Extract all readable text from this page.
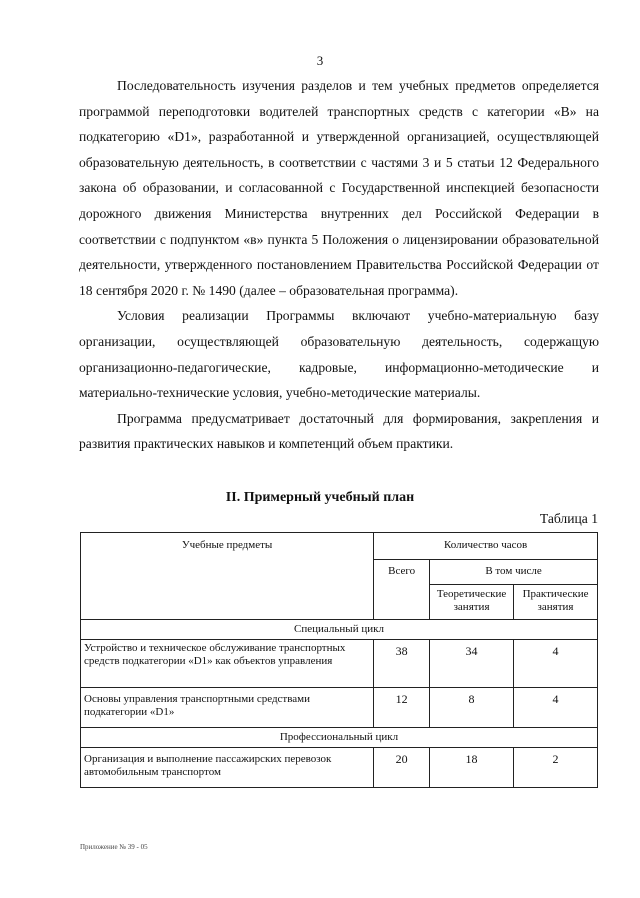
3

Последовательность изучения разделов и тем учебных предметов определяется программой переподготовки водителей транспортных средств с категории «B» на подкатегорию «D1», разработанной и утвержденной организацией, осуществляющей образовательную деятельность, в соответствии с частями 3 и 5 статьи 12 Федерального закона об образовании, и согласованной с Государственной инспекцией безопасности дорожного движения Министерства внутренних дел Российской Федерации в соответствии с подпунктом «в» пункта 5 Положения о лицензировании образовательной деятельности, утвержденного постановлением Правительства Российской Федерации от 18 сентября 2020 г. № 1490 (далее – образовательная программа).

Условия реализации Программы включают учебно-материальную базу организации, осуществляющей образовательную деятельность, содержащую организационно-педагогические, кадровые, информационно-методические и материально-технические условия, учебно-методические материалы.

Программа предусматривает достаточный для формирования, закрепления и развития практических навыков и компетенций объем практики.

II. Примерный учебный план
Таблица 1
Учебные предметы	Количество часов		
	Всего	В том числе	
		Теоретические занятия	Практические занятия
Специальный цикл			
Устройство и техническое обслуживание транспортных средств подкатегории «D1» как объектов управления	38	34	4
Основы управления транспортными средствами подкатегории «D1»	12	8	4
Профессиональный цикл			
Организация и выполнение пассажирских перевозок автомобильным транспортом	20	18	2
Приложение № 39 - 05
